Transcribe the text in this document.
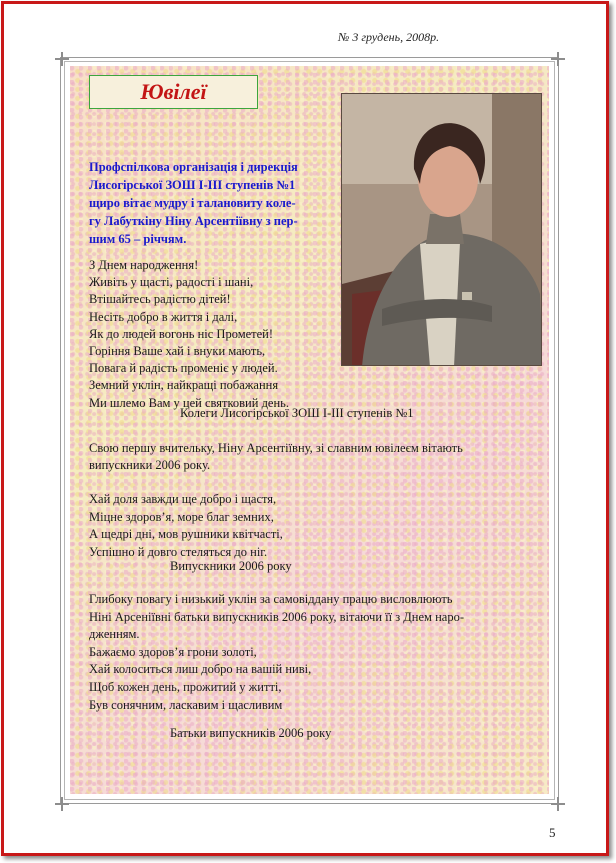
№ 3 грудень, 2008р.
Ювілеї
Профспілкова організація і дирекція
Лисогірської ЗОШ І-ІІІ ступенів №1
щиро вітає мудру і талановиту коле-
гу Лабуткіну Ніну Арсентіївну з пер-
шим 65 – річчям.
З Днем народження!
Живіть у щасті, радості і шані,
Втішайтесь радістю дітей!
Несіть добро в життя і далі,
Як до людей вогонь ніс Прометей!
Горіння Ваше хай і внуки мають,
Повага й радість променіє у людей.
Земний уклін, найкращі побажання
Ми шлемо Вам у цей святковий день.
Колеги Лисогірської ЗОШ І-ІІІ ступенів №1
Свою першу вчительку, Ніну Арсентіївну, зі славним ювілеєм вітають
випускники 2006 року.
Хай доля завжди ще добро і щастя,
Міцне здоров’я, море благ земних,
А щедрі дні, мов рушники квітчасті,
Успішно й довго стеляться до ніг.
Випускники 2006 року
Глибоку повагу і низький уклін за самовіддану працю висловлюють
Ніні Арсеніївні батьки випускників 2006 року, вітаючи її з Днем наро-
дженням.
Бажаємо здоров’я грони золоті,
Хай колоситься лиш добро на вашій ниві,
Щоб кожен день, прожитий у житті,
Був сонячним, ласкавим і щасливим
Батьки випускників 2006 року
5
